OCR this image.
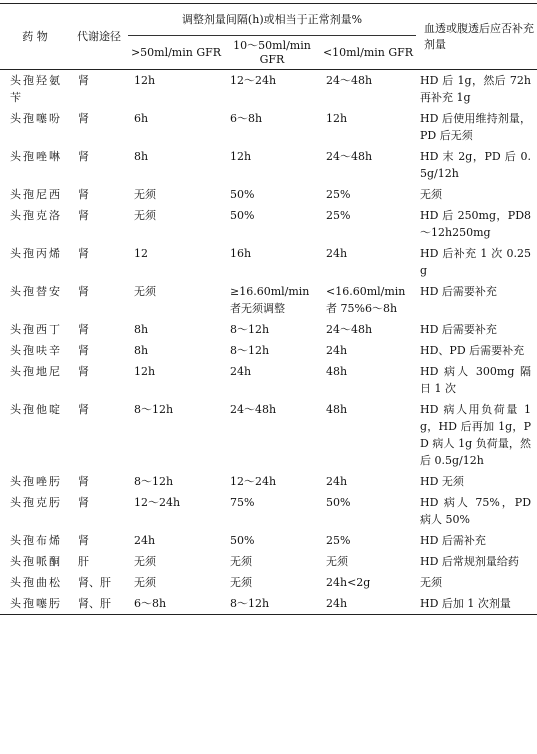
药 物	代谢途径	调整剂量间隔(h)或相当于正常剂量%			血透或腹透后应否补充剂量
		>50ml/min GFR	10～50ml/min GFR	<10ml/min GFR	
头孢羟氨苄	肾	12h	12～24h	24～48h	HD 后 1g，然后 72h 再补充 1g
头孢噻吩	肾	6h	6～8h	12h	HD 后使用维持剂量，PD 后无须
头孢唑啉	肾	8h	12h	24～48h	HD 末 2g，PD 后 0.5g/12h
头孢尼西	肾	无须	50%	25%	无须
头孢克洛	肾	无须	50%	25%	HD 后 250mg，PD8～12h250mg
头孢丙烯	肾	12	16h	24h	HD 后补充 1 次 0.25g
头孢替安	肾	无须	≥16.60ml/min 者无须调整	<16.60ml/min 者 75%6～8h	HD 后需要补充
头孢西丁	肾	8h	8～12h	24～48h	HD 后需要补充
头孢呋辛	肾	8h	8～12h	24h	HD、PD 后需要补充
头孢地尼	肾	12h	24h	48h	HD 病人 300mg 隔日 1 次
头孢他啶	肾	8～12h	24～48h	48h	HD 病人用负荷量 1g，HD 后再加 1g，PD 病人 1g 负荷量，然后 0.5g/12h
头孢唑肟	肾	8～12h	12～24h	24h	HD 无须
头孢克肟	肾	12～24h	75%	50%	HD 病人 75%，PD 病人 50%
头孢布烯	肾	24h	50%	25%	HD 后需补充
头孢哌酮	肝	无须	无须	无须	HD 后常规剂量给药
头孢曲松	肾、肝	无须	无须	24h<2g	无须
头孢噻肟	肾、肝	6～8h	8～12h	24h	HD 后加 1 次剂量
